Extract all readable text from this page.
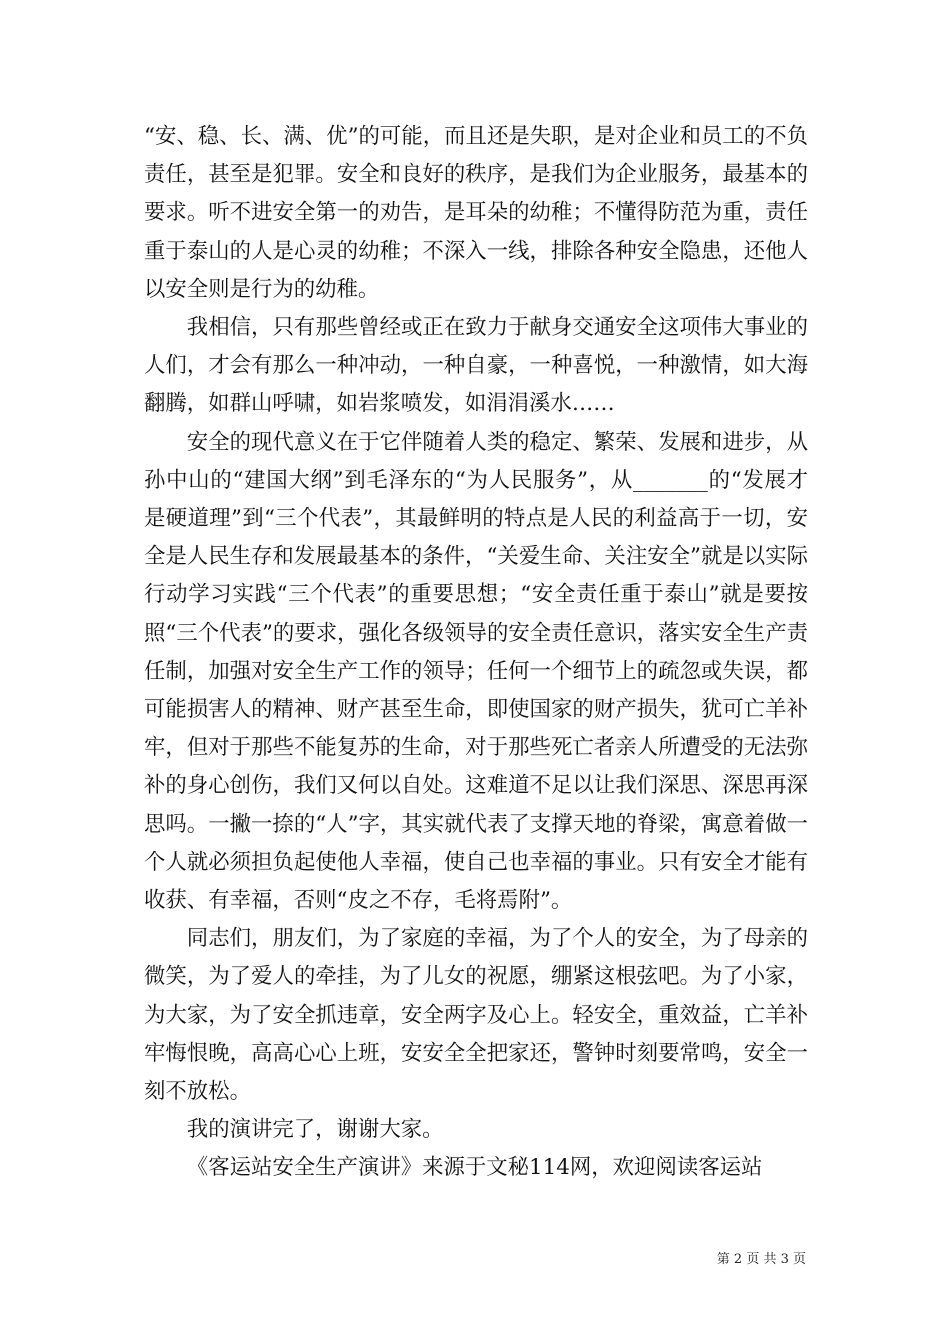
“安、稳、长、满、优”的可能，而且还是失职，是对企业和员工的不负责任，甚至是犯罪。安全和良好的秩序，是我们为企业服务，最基本的要求。听不进安全第一的劝告，是耳朵的幼稚；不懂得防范为重，责任重于泰山的人是心灵的幼稚；不深入一线，排除各种安全隐患，还他人以安全则是行为的幼稚。

我相信，只有那些曾经或正在致力于献身交通安全这项伟大事业的人们，才会有那么一种冲动，一种自豪，一种喜悦，一种激情，如大海翻腾，如群山呼啸，如岩浆喷发，如涓涓溪水……

安全的现代意义在于它伴随着人类的稳定、繁荣、发展和进步，从孙中山的“建国大纲”到毛泽东的“为人民服务”，从_______的“发展才是硬道理”到“三个代表”，其最鲜明的特点是人民的利益高于一切，安全是人民生存和发展最基本的条件，“关爱生命、关注安全”就是以实际行动学习实践“三个代表”的重要思想；“安全责任重于泰山”就是要按照“三个代表”的要求，强化各级领导的安全责任意识，落实安全生产责任制，加强对安全生产工作的领导；任何一个细节上的疏忽或失误，都可能损害人的精神、财产甚至生命，即使国家的财产损失，犹可亡羊补牢，但对于那些不能复苏的生命，对于那些死亡者亲人所遭受的无法弥补的身心创伤，我们又何以自处。这难道不足以让我们深思、深思再深思吗。一撇一捺的“人”字，其实就代表了支撑天地的脊梁，寓意着做一个人就必须担负起使他人幸福，使自己也幸福的事业。只有安全才能有收获、有幸福，否则“皮之不存，毛将焉附”。

同志们，朋友们，为了家庭的幸福，为了个人的安全，为了母亲的微笑，为了爱人的牵挂，为了儿女的祝愿，绷紧这根弦吧。为了小家，为大家，为了安全抓违章，安全两字及心上。轻安全，重效益，亡羊补牢悔恨晚，高高心心上班，安安全全把家还，警钟时刻要常鸣，安全一刻不放松。

我的演讲完了，谢谢大家。

《客运站安全生产演讲》来源于文秘114网，欢迎阅读客运站

第 2 页 共 3 页
